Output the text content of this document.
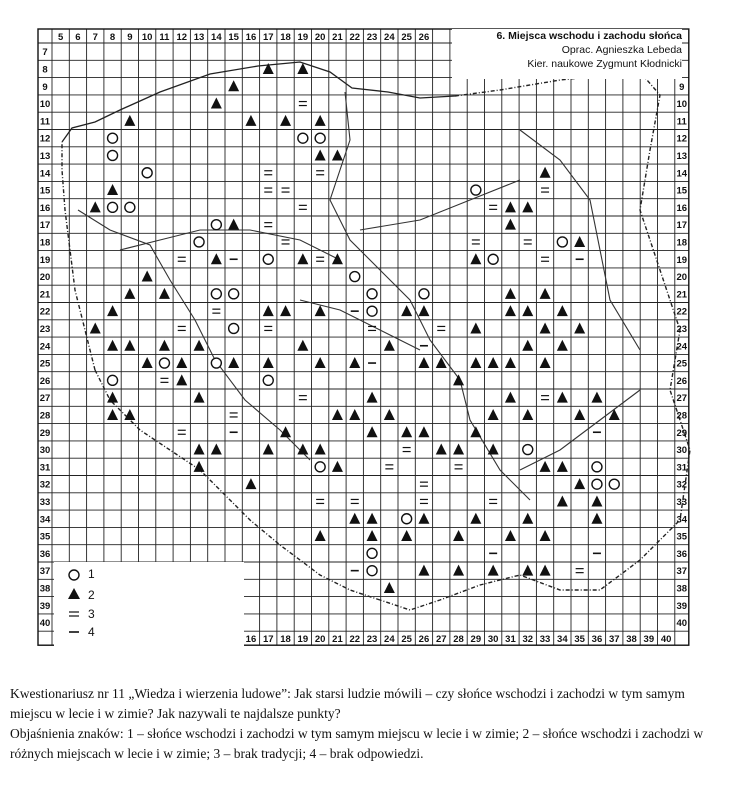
5 6 7 8 9 10 11 12 13 14 15 16 17 18 19 20 21 22 23 24 25 26
16 17 18 19 20 21 22 23 24 25 26 27 28 29 30 31 32 33 34 35 36 37 38 39 40
7
8
9
10
11
12
13
14
15
16
17
18
19
20
21
22
23
24
25
26
27
28
29
30
31
32
33
34
35
36
37
38
39
40
9
10
11
12
13
14
15
16
17
18
19
20
21
22
23
24
25
26
27
28
29
30
31
32
33
34
35
36
37
38
39
40
6. Miejsca wschodu i zachodu słońca
Oprac. Agnieszka Lebeda
Kier. naukowe Zygmunt Kłodnicki
1
2
3
4

Kwestionariusz nr 11 „Wiedza i wierzenia ludowe”: Jak starsi ludzie mówili – czy słońce wschodzi i zachodzi w tym samym miejscu w lecie i w zimie? Jak nazywali te najdalsze punkty?

Objaśnienia znaków: 1 – słońce wschodzi i zachodzi w tym samym miejscu w lecie i w zimie; 2 – słońce wschodzi i zachodzi w różnych miejscach w lecie i w zimie; 3 – brak tradycji; 4 – brak odpowiedzi.
